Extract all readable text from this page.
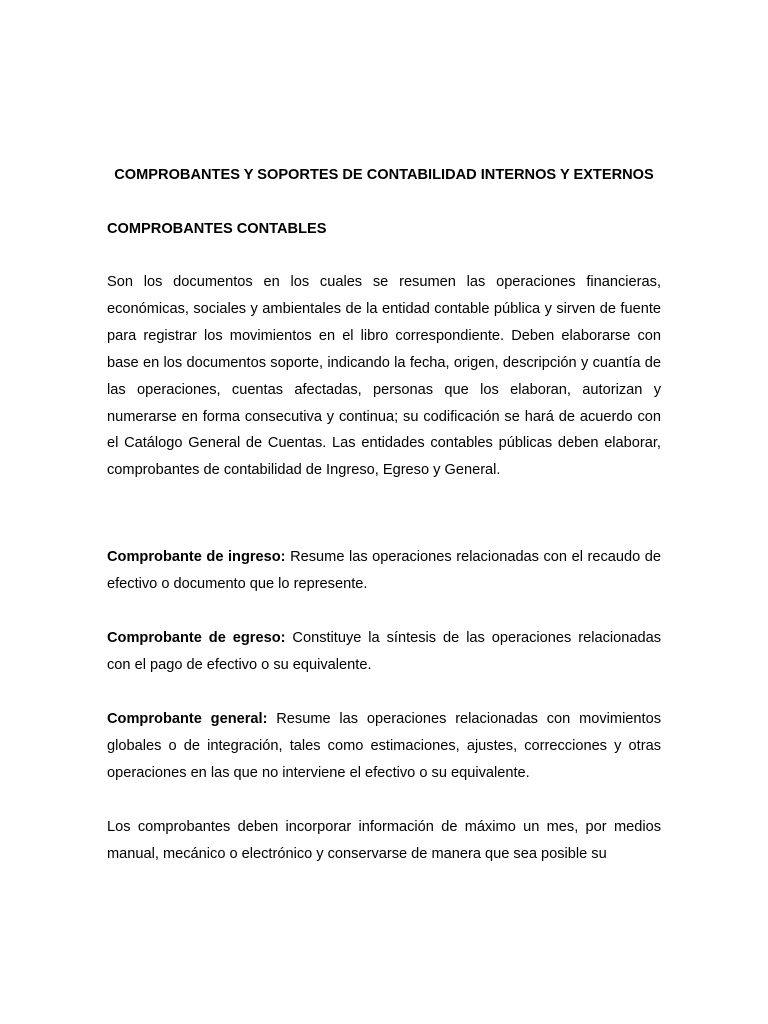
COMPROBANTES Y SOPORTES DE CONTABILIDAD INTERNOS Y EXTERNOS
COMPROBANTES CONTABLES

Son los documentos en los cuales se resumen las operaciones financieras, económicas, sociales y ambientales de la entidad contable pública y sirven de fuente para registrar los movimientos en el libro correspondiente. Deben elaborarse con base en los documentos soporte, indicando la fecha, origen, descripción y cuantía de las operaciones, cuentas afectadas, personas que los elaboran, autorizan y numerarse en forma consecutiva y continua; su codificación se hará de acuerdo con el Catálogo General de Cuentas. Las entidades contables públicas deben elaborar, comprobantes de contabilidad de Ingreso, Egreso y General.

Comprobante de ingreso: Resume las operaciones relacionadas con el recaudo de efectivo o documento que lo represente.

Comprobante de egreso: Constituye la síntesis de las operaciones relacionadas con el pago de efectivo o su equivalente.

Comprobante general: Resume las operaciones relacionadas con movimientos globales o de integración, tales como estimaciones, ajustes, correcciones y otras operaciones en las que no interviene el efectivo o su equivalente.

Los comprobantes deben incorporar información de máximo un mes, por medios manual, mecánico o electrónico y conservarse de manera que sea posible su
